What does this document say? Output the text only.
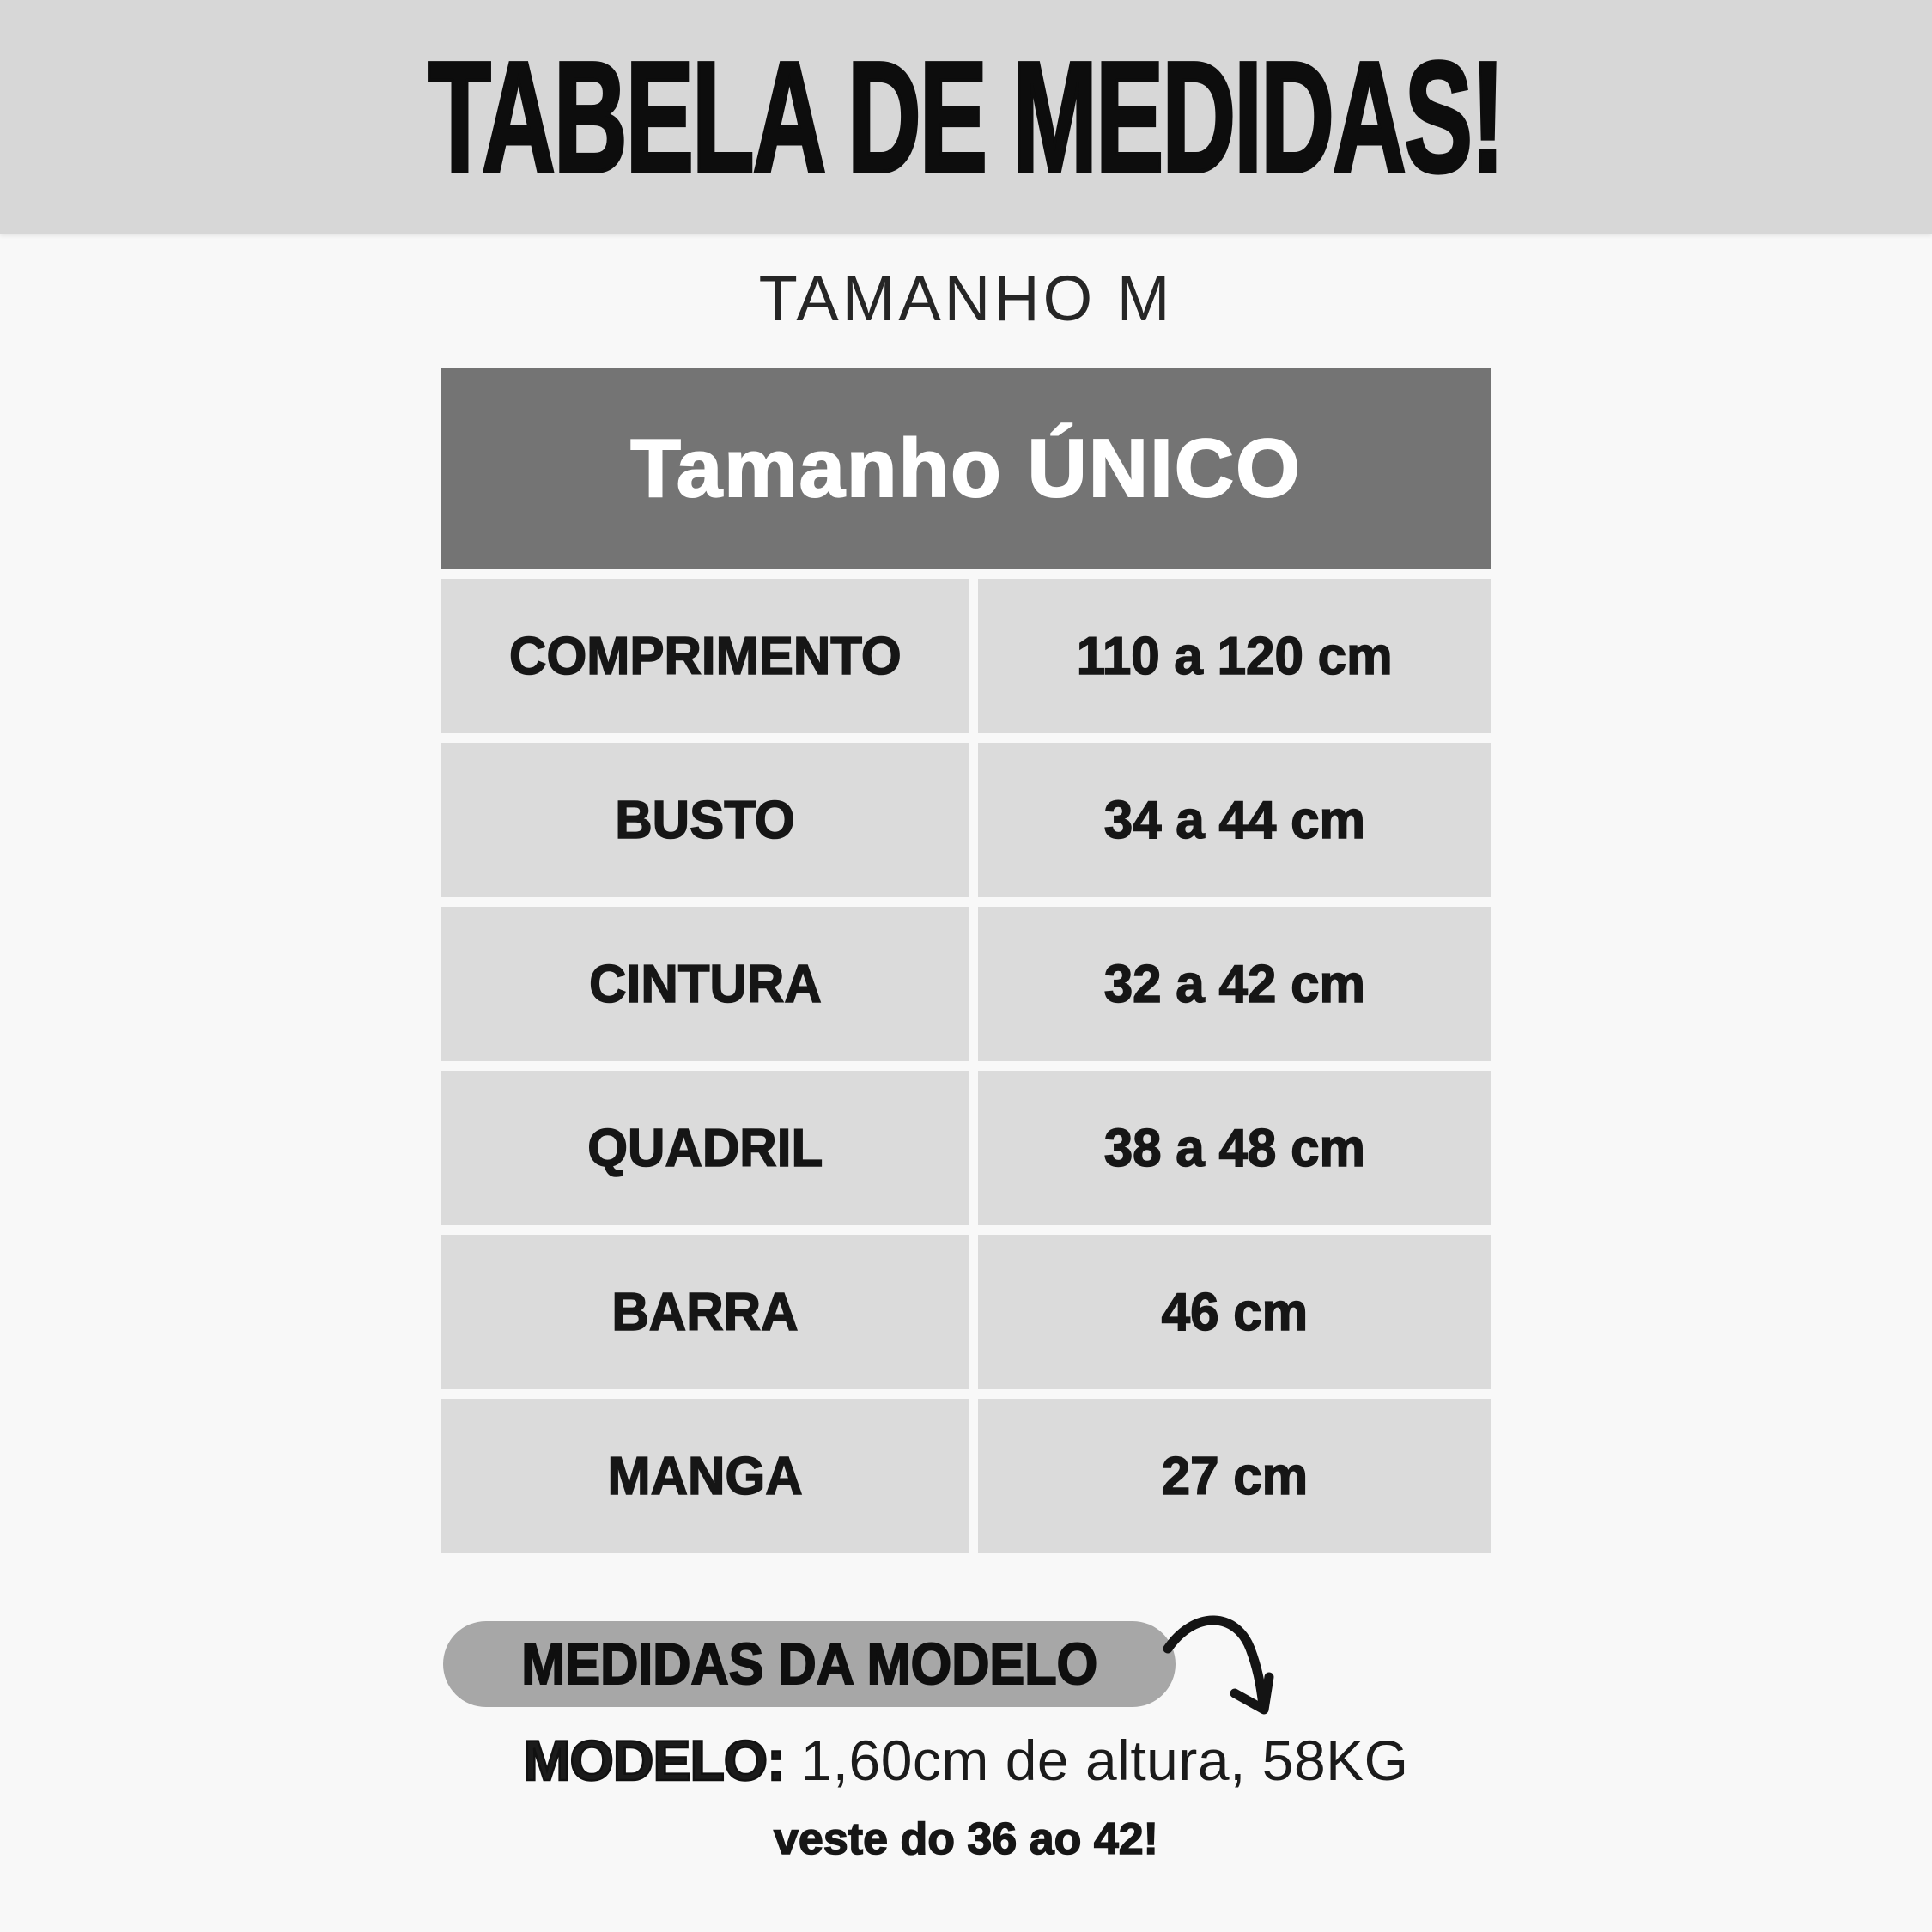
TABELA DE MEDIDAS!
TAMANHO M
Tamanho ÚNICO
COMPRIMENTO	110 a 120 cm
BUSTO	34 a 44 cm
CINTURA	32 a 42 cm
QUADRIL	38 a 48 cm
BARRA	46 cm
MANGA	27 cm
MEDIDAS DA MODELO
MODELO: 1,60cm de altura, 58KG
veste do 36 ao 42!
